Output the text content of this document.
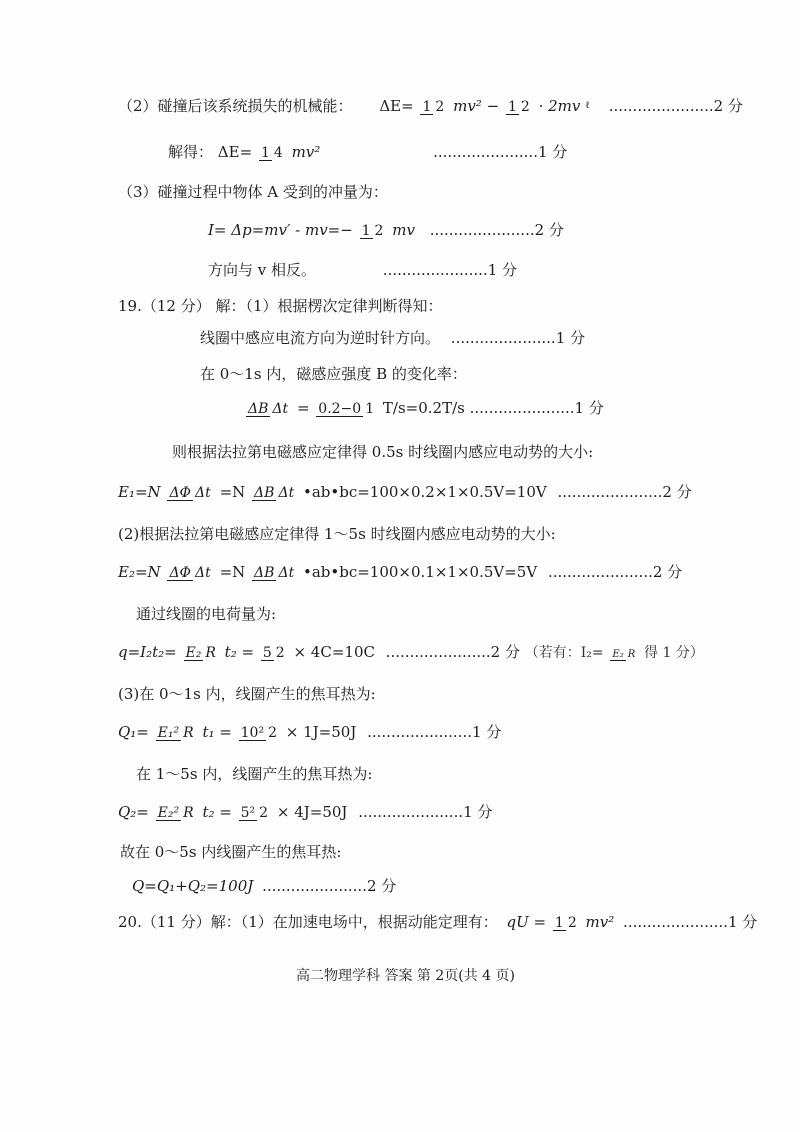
（2）碰撞后该系统损失的机械能： ΔE= 1 2 mv² − 1 2 · 2mv ℓ ......................2 分
解得： ΔE= 1 4 mv²	......................1 分
（3）碰撞过程中物体 A 受到的冲量为：
I= Δp=mv′ - mv=− 1 2 mv ......................2 分
方向与 v 相反。	......................1 分
19.（12 分） 解：（1）根据楞次定律判断得知：
线圈中感应电流方向为逆时针方向。 ......................1 分
在 0～1s 内，磁感应强度 B 的变化率：
ΔB Δt = 0.2−0 1 T/s=0.2T/s ......................1 分
则根据法拉第电磁感应定律得 0.5s 时线圈内感应电动势的大小:
E₁=N ΔΦ Δt =N ΔB Δt •ab•bc=100×0.2×1×0.5V=10V ......................2 分
(2)根据法拉第电磁感应定律得 1～5s 时线圈内感应电动势的大小:
E₂=N ΔΦ Δt =N ΔB Δt •ab•bc=100×0.1×1×0.5V=5V ......................2 分
通过线圈的电荷量为:
q=I₂t₂= E₂ R t₂ = 5 2 × 4C=10C ......................2 分 （若有：I₂= E₂ R 得 1 分）
(3)在 0～1s 内，线圈产生的焦耳热为:
Q₁= E₁² R t₁ = 10² 2 × 1J=50J ......................1 分
在 1～5s 内，线圈产生的焦耳热为:
Q₂= E₂² R t₂ = 5² 2 × 4J=50J ......................1 分
故在 0～5s 内线圈产生的焦耳热:
Q=Q₁+Q₂=100J ......................2 分
20.（11 分）解：（1）在加速电场中，根据动能定理有： qU = 1 2 mv² ......................1 分
高二物理学科 答案 第 2页(共 4 页)
